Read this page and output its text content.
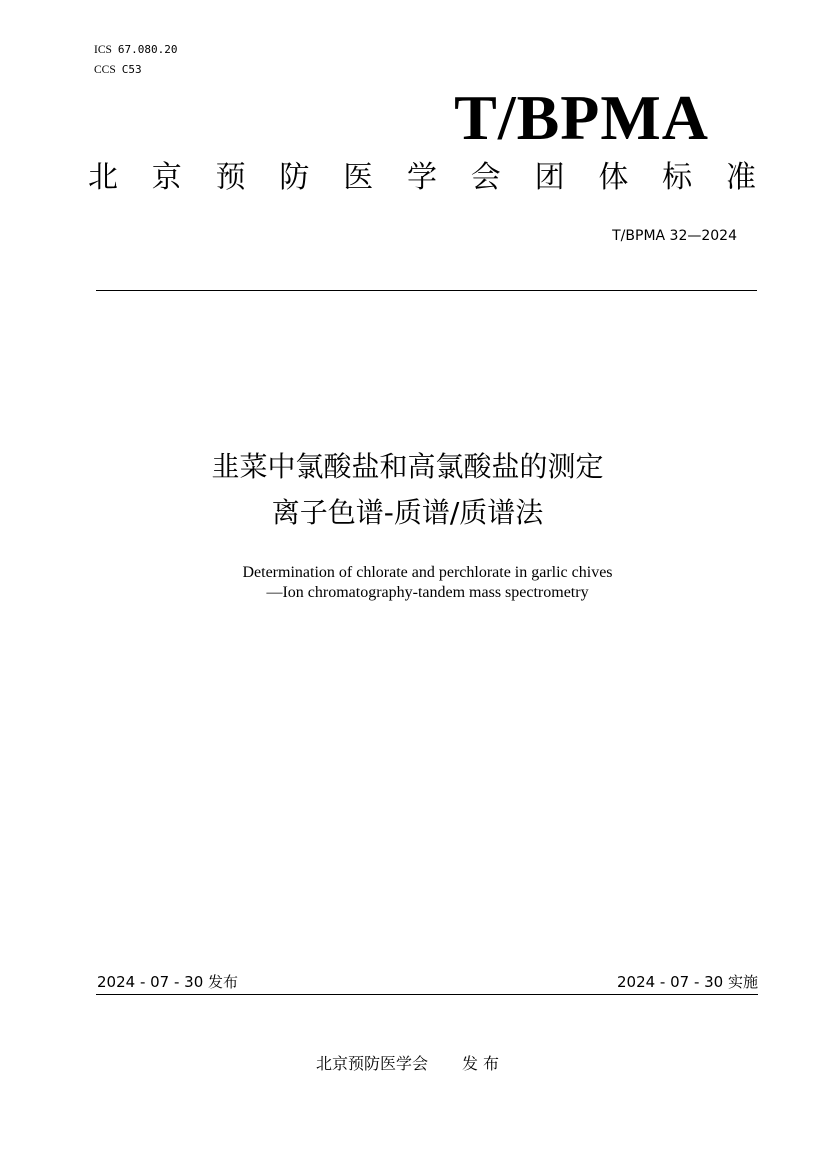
ICS 67.080.20
CCS C53
T/BPMA
北 京 预 防 医 学 会 团 体 标 准
T/BPMA 32—2024
韭菜中氯酸盐和高氯酸盐的测定
离子色谱-质谱/质谱法
Determination of chlorate and perchlorate in garlic chives
—Ion chromatography-tandem mass spectrometry
2024 - 07 - 30 发布	2024 - 07 - 30 实施
北京预防医学会 发 布
